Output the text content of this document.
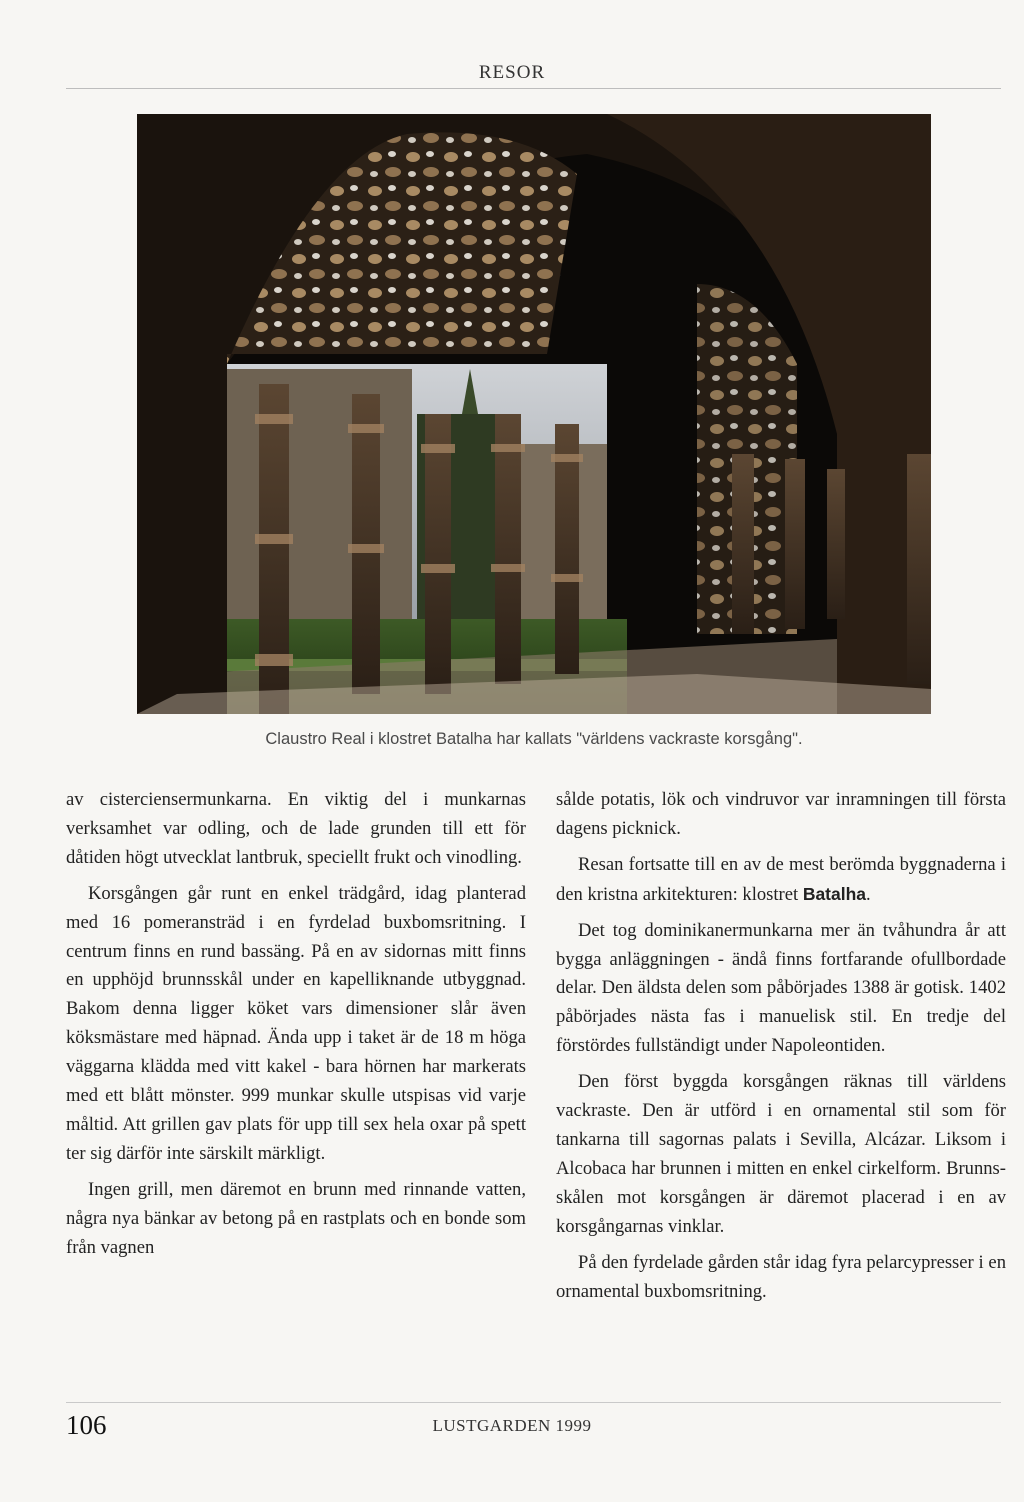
RESOR
Claustro Real i klostret Batalha har kallats "världens vackraste korsgång".

av cisterciensermunkarna. En viktig del i munkarnas verksamhet var odling, och de lade grunden till ett för dåtiden högt utvecklat lantbruk, speciellt frukt och vinodling.

Korsgången går runt en enkel trädgård, idag planterad med 16 pomeransträd i en fyrdelad buxbomsritning. I centrum finns en rund bassäng. På en av sidornas mitt finns en upphöjd brunnsskål under en kapelliknande utbyggnad. Bakom denna ligger köket vars dimensioner slår även köksmästare med häpnad. Ända upp i taket är de 18 m höga väggarna klädda med vitt kakel - bara hörnen har markerats med ett blått mönster. 999 munkar skulle utspisas vid varje måltid. Att grillen gav plats för upp till sex hela oxar på spett ter sig därför inte särskilt märkligt.

Ingen grill, men däremot en brunn med rinnande vatten, några nya bänkar av betong på en rastplats och en bonde som från vagnen

sålde potatis, lök och vindruvor var inramningen till första dagens picknick.

Resan fortsatte till en av de mest berömda byggnaderna i den kristna arkitekturen: klostret Batalha.

Det tog dominikanermunkarna mer än tvåhundra år att bygga anläggningen - ändå finns fortfarande ofullbordade delar. Den äldsta delen som påbörjades 1388 är gotisk. 1402 påbörjades nästa fas i manuelisk stil. En tredje del förstördes fullständigt under Napoleontiden.

Den först byggda korsgången räknas till världens vackraste. Den är utförd i en ornamental stil som för tankarna till sagornas palats i Sevilla, Alcázar. Liksom i Alcobaca har brunnen i mitten en enkel cirkelform. Brunnsskålen mot korsgången är däremot placerad i en av korsgångarnas vinklar.

På den fyrdelade gården står idag fyra pelarcypresser i en ornamental buxbomsritning.

106	LUSTGARDEN 1999
